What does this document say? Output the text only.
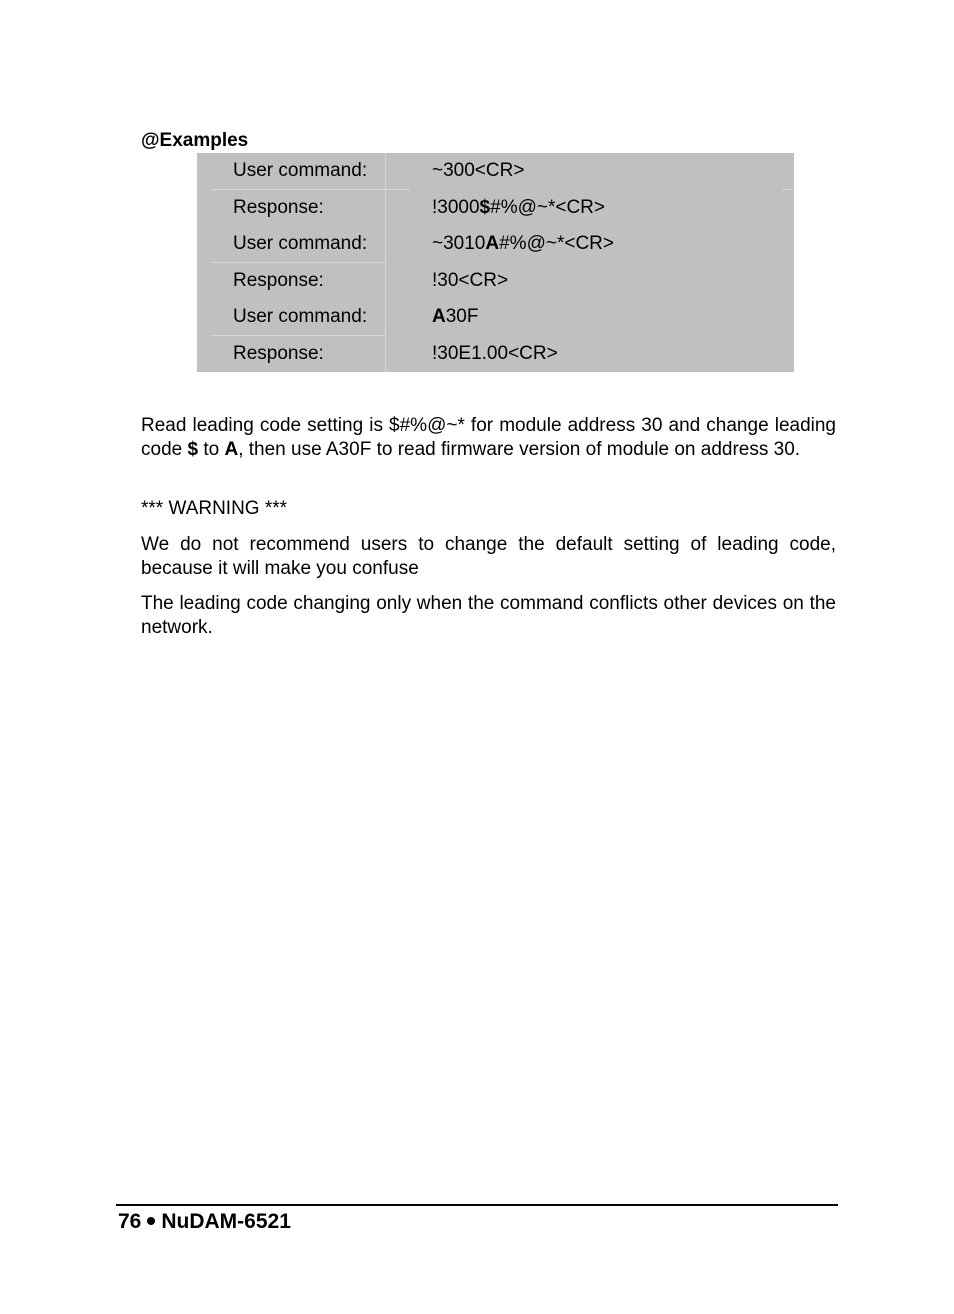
@Examples
User command:	~300<CR>
Response:	!3000$#%@~*<CR>
User command:	~3010A#%@~*<CR>
Response:	!30<CR>
User command:	A30F
Response:	!30E1.00<CR>

Read leading code setting is $#%@~* for module address 30 and change leading code $ to A, then use A30F to read firmware version of module on address 30.

*** WARNING ***

We do not recommend users to change the default setting of leading code, because it will make you confuse

The leading code changing only when the command conflicts other devices on the network.

76 NuDAM-6521
